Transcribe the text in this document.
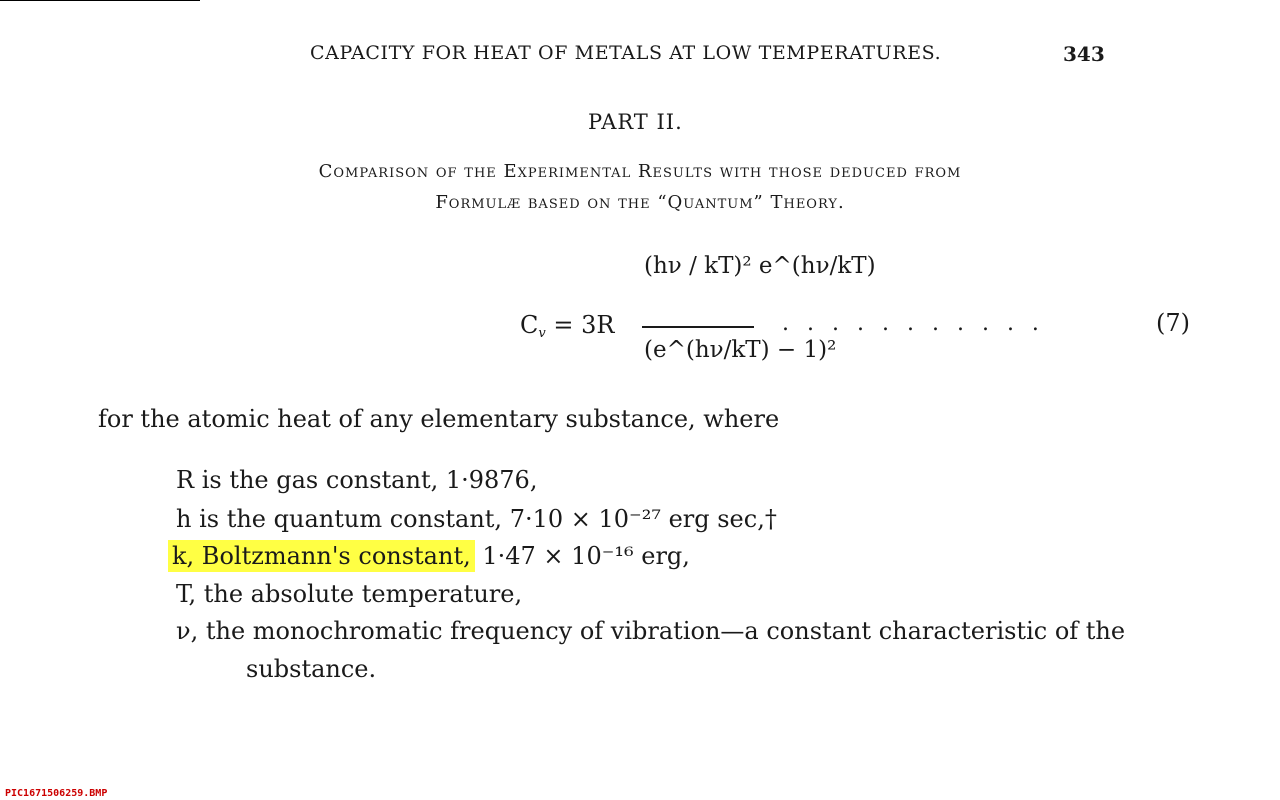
CAPACITY FOR HEAT OF METALS AT LOW TEMPERATURES.	343
PART II.
Comparison of the Experimental Results with those deduced from
Formulæ based on the “Quantum” Theory.
Cv = 3R
(hν / kT)² e^(hν/kT)
(e^(hν/kT) − 1)²
...........	(7)
for the atomic heat of any elementary substance, where
R is the gas constant, 1·9876,
h is the quantum constant, 7·10 × 10⁻²⁷ erg sec,†
k, Boltzmann's constant, 1·47 × 10⁻¹⁶ erg,
T, the absolute temperature,
ν, the monochromatic frequency of vibration—a constant characteristic of the
substance.
PIC1671506259.BMP
